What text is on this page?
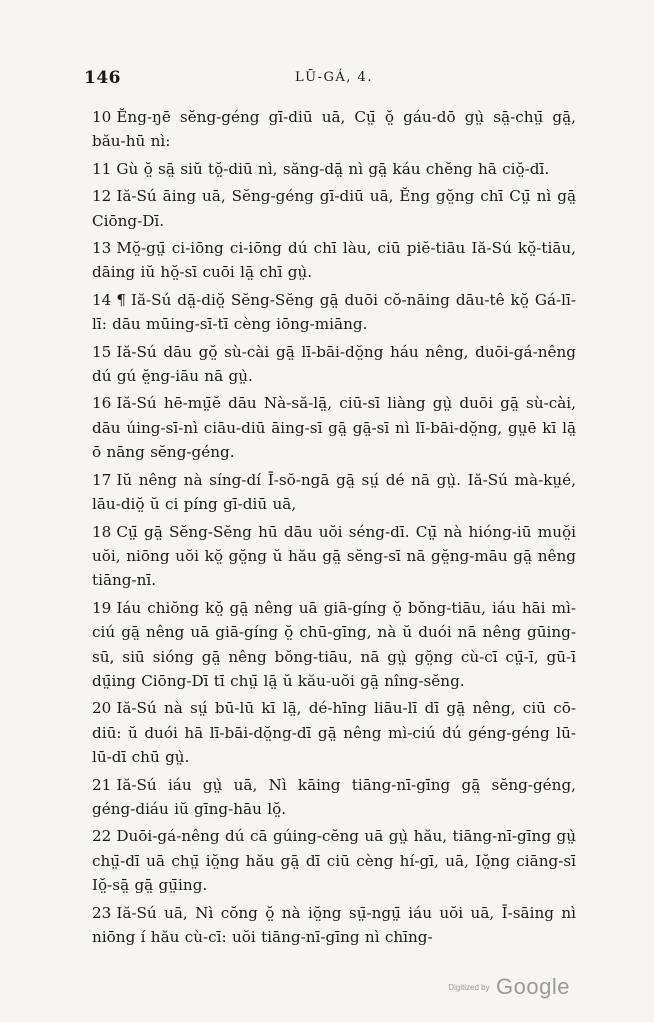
146	LŪ-GÁ, 4.

10 Ĕng-ŋē sĕng-géng gī-diū uā, Cṳ̄ ŏ̤ gáu-dō gṳ̀ sā̤-chṳ̄ gā̤, bău-hū nì:

11 Gù ŏ̤ sā̤ siŭ tŏ̤-diū nì, săng-dā̤ nì gā̤ káu chĕng hā ciŏ̤-dī.

12 Iă-Sú āing uā, Sĕng-géng gī-diū uā, Ĕng gŏ̤ng chī Cṳ̄ nì gā̤ Ciōng-Dī.

13 Mŏ̤-gṳ̄ ci-iōng ci-iōng dú chī làu, ciū piĕ-tiāu Iă-Sú kŏ̤-tiāu, dāing iŭ hŏ̤-sī cuōi lā̤ chī gṳ̀.

14 ¶ Iă-Sú dā̤-diŏ̤ Sĕng-Sĕng gā̤ duōi cŏ-nāing dāu-tê kŏ̤ Gá-lī-lī: dāu mūing-sī-tī cèng iōng-miāng.

15 Iă-Sú dāu gŏ̤ sù-cài gā̤ lī-bāi-dŏ̤ng háu nêng, duōi-gá-nêng dú gú ĕ̤ng-iāu nā gṳ̀.

16 Iă-Sú hē-mṳ̄ĕ dāu Nà-să-lā̤, ciū-sī liàng gṳ̀ duōi gā̤ sù-cài, dāu úing-sī-nì ciāu-diū āing-sī gā̤ gā̤-sī nì lī-bāi-dŏ̤ng, gṳē kī lā̤ ō nāng sĕng-géng.

17 Iŭ nêng nà síng-dí Ī-sŏ-ngā gā̤ sṳ́ dé nā gṳ̀. Iă-Sú mà-kṳé, lāu-diŏ̤ ŭ ci píng gī-diū uā,

18 Cṳ̄ gā̤ Sĕng-Sĕng hū dāu uŏi séng-dī. Cṳ̄ nà hióng-iū muŏ̤i uŏi, niōng uŏi kŏ̤ gŏ̤ng ŭ hău gā̤ sĕng-sī nā gĕ̤ng-māu gā̤ nêng tiāng-nī.

19 Iáu chiŏng kŏ̤ gā̤ nêng uā giā-gíng ŏ̤ bŏng-tiāu, iáu hāi mì-ciú gā̤ nêng uā giā-gíng ŏ̤ chū-gīng, nà ŭ duói nā nêng gūing-sū, siū sióng gā̤ nêng bŏng-tiāu, nā gṳ̀ gŏ̤ng cù-cī cṳ̄-ī, gū-ī dṳ̄ing Ciōng-Dī tī chṳ̄ lā̤ ŭ kău-uŏi gā̤ nîng-sĕng.

20 Iă-Sú nà sṳ́ bū-lū kī lā̤, dé-hīng liāu-lī dī gā̤ nêng, ciū cō-diū: ŭ duói hā lī-bāi-dŏ̤ng-dī gā̤ nêng mì-ciú dú géng-géng lū-lū-dī chū gṳ̀.

21 Iă-Sú iáu gṳ̀ uā, Nì kāing tiāng-nī-gīng gā̤ sĕng-géng, géng-diáu iŭ gīng-hāu lŏ̤.

22 Duōi-gá-nêng dú cā gúing-cĕng uā gṳ̀ hău, tiāng-nī-gīng gṳ̀ chṳ̄-dī uā chṳ̄ iŏ̤ng hău gā̤ dī ciū cèng hí-gī, uā, Iŏ̤ng ciāng-sī Iŏ̤-sā̤ gā̤ gṳ̄ing.

23 Iă-Sú uā, Nì cŏng ŏ̤ nà iŏ̤ng sṳ̄-ngṳ̄ iáu uŏi uā, Ī-sāing nì niōng í hău cù-cī: uŏi tiāng-nī-gīng nì chīng-

Digitized by Google
